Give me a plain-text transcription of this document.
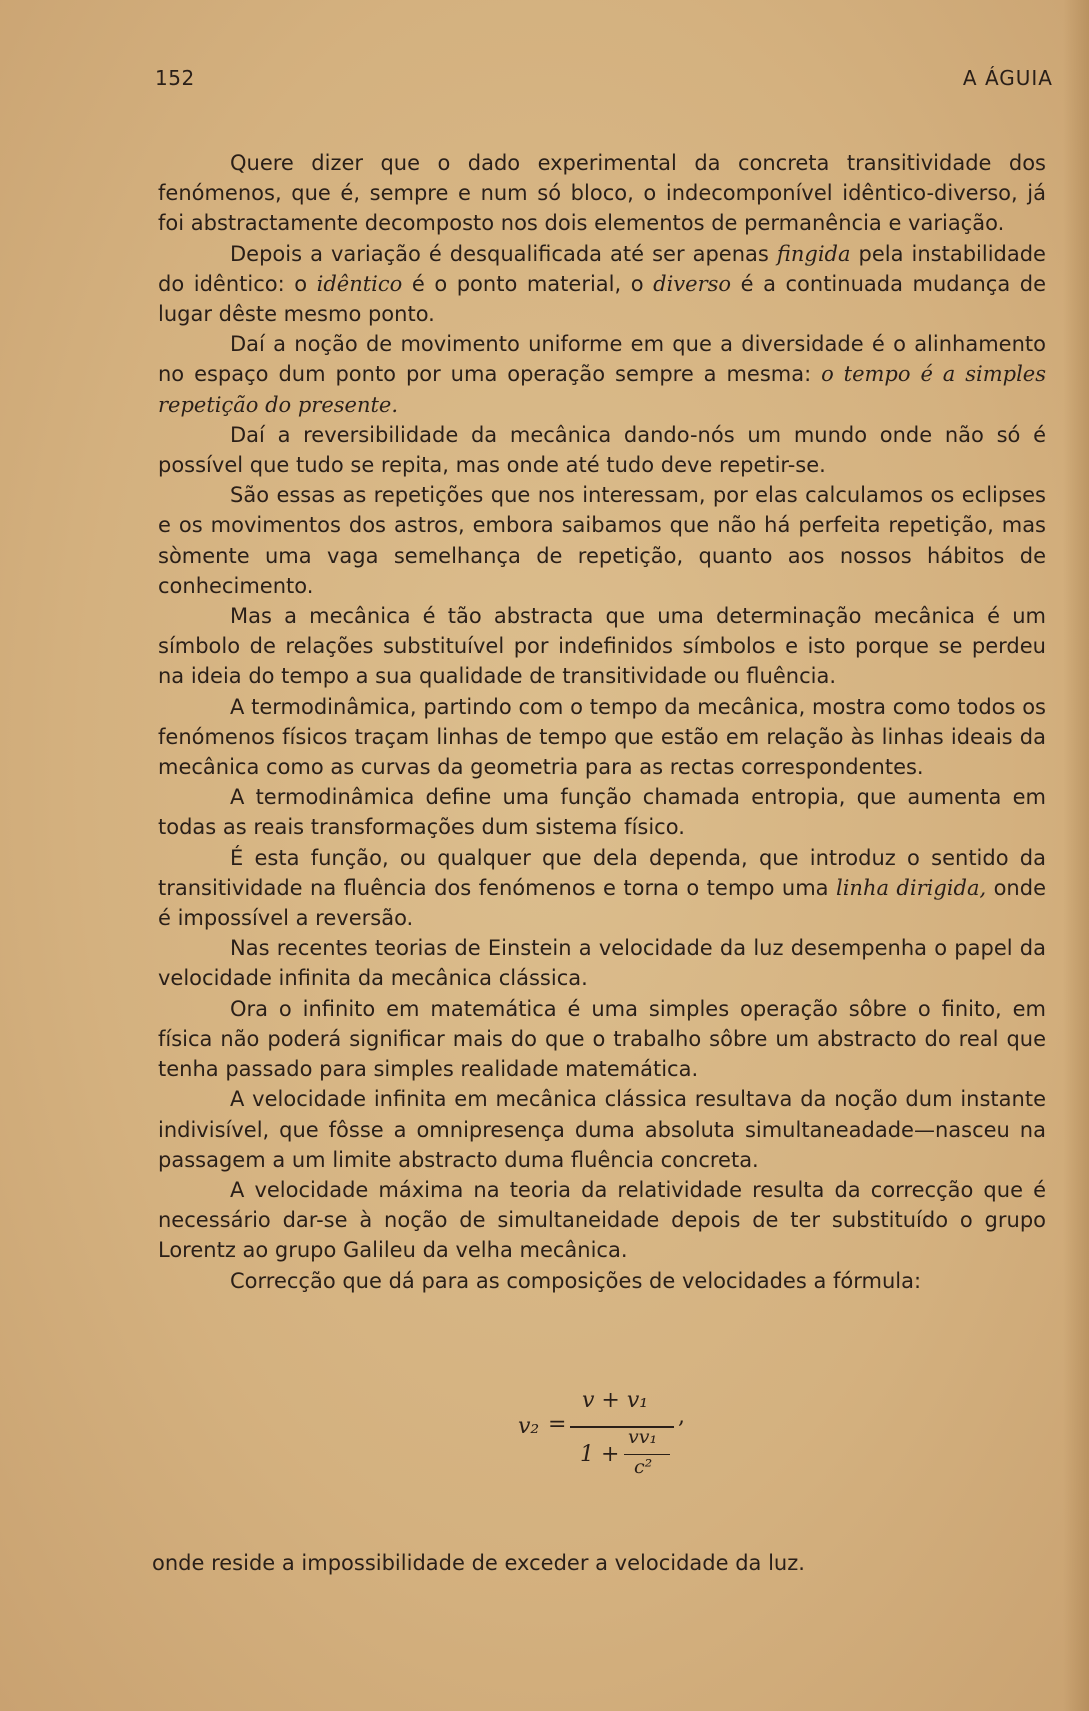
152	A ÁGUIA

Quere dizer que o dado experimental da concreta transitividade dos fenómenos, que é, sempre e num só bloco, o indecomponível idêntico-diverso, já foi abstractamente decomposto nos dois elementos de permanência e variação.

Depois a variação é desqualificada até ser apenas fingida pela instabilidade do idêntico: o idêntico é o ponto material, o diverso é a continuada mudança de lugar dêste mesmo ponto.

Daí a noção de movimento uniforme em que a diversidade é o alinhamento no espaço dum ponto por uma operação sempre a mesma: o tempo é a simples repetição do presente.

Daí a reversibilidade da mecânica dando-nós um mundo onde não só é possível que tudo se repita, mas onde até tudo deve repetir-se.

São essas as repetições que nos interessam, por elas calculamos os eclipses e os movimentos dos astros, embora saibamos que não há perfeita repetição, mas sòmente uma vaga semelhança de repetição, quanto aos nossos hábitos de conhecimento.

Mas a mecânica é tão abstracta que uma determinação mecânica é um símbolo de relações substituível por indefinidos símbolos e isto porque se perdeu na ideia do tempo a sua qualidade de transitividade ou fluência.

A termodinâmica, partindo com o tempo da mecânica, mostra como todos os fenómenos físicos traçam linhas de tempo que estão em relação às linhas ideais da mecânica como as curvas da geometria para as rectas correspondentes.

A termodinâmica define uma função chamada entropia, que aumenta em todas as reais transformações dum sistema físico.

É esta função, ou qualquer que dela dependa, que introduz o sentido da transitividade na fluência dos fenómenos e torna o tempo uma linha dirigida, onde é impossível a reversão.

Nas recentes teorias de Einstein a velocidade da luz desempenha o papel da velocidade infinita da mecânica clássica.

Ora o infinito em matemática é uma simples operação sôbre o finito, em física não poderá significar mais do que o trabalho sôbre um abstracto do real que tenha passado para simples realidade matemática.

A velocidade infinita em mecânica clássica resultava da noção dum instante indivisível, que fôsse a omnipresença duma absoluta simultaneadade—nasceu na passagem a um limite abstracto duma fluência concreta.

A velocidade máxima na teoria da relatividade resulta da correcção que é necessário dar-se à noção de simultaneidade depois de ter substituído o grupo Lorentz ao grupo Galileu da velha mecânica.

Correcção que dá para as composições de velocidades a fórmula:

v₂ =
v + v₁
1 +
vv₁
c²
,
onde reside a impossibilidade de exceder a velocidade da luz.
